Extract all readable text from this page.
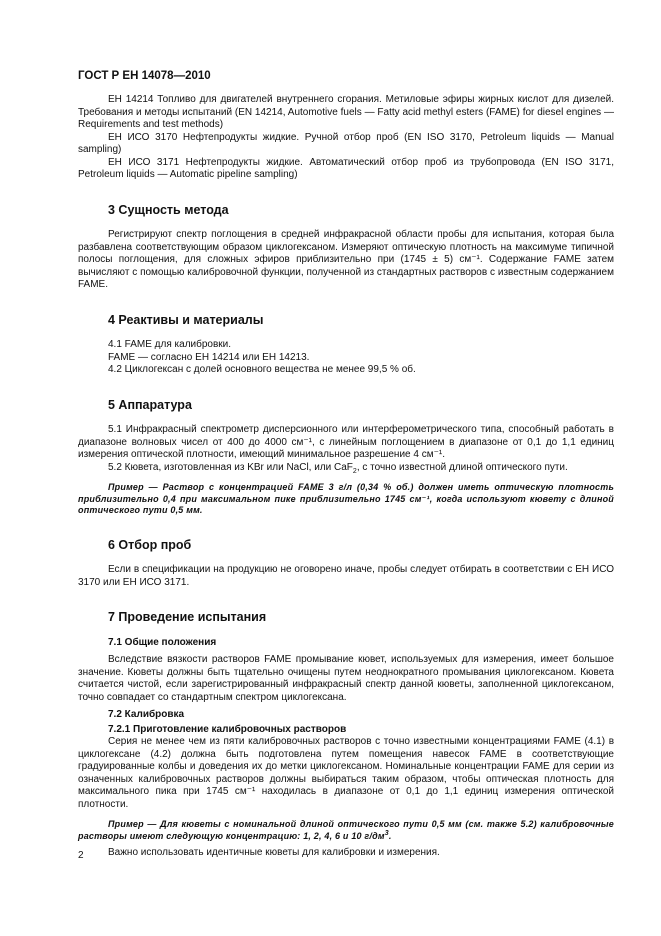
ГОСТ Р ЕН 14078—2010

ЕН 14214 Топливо для двигателей внутреннего сгорания. Метиловые эфиры жирных кислот для дизелей. Требования и методы испытаний (EN 14214, Automotive fuels — Fatty acid methyl esters (FAME) for diesel engines — Requirements and test methods)

ЕН ИСО 3170 Нефтепродукты жидкие. Ручной отбор проб (EN ISO 3170, Petroleum liquids — Manual sampling)

ЕН ИСО 3171 Нефтепродукты жидкие. Автоматический отбор проб из трубопровода (EN ISO 3171, Petroleum liquids — Automatic pipeline sampling)

3 Сущность метода

Регистрируют спектр поглощения в средней инфракрасной области пробы для испытания, которая была разбавлена соответствующим образом циклогексаном. Измеряют оптическую плотность на максимуме типичной полосы поглощения, для сложных эфиров приблизительно при (1745 ± 5) см⁻¹. Содержание FAME затем вычисляют с помощью калибровочной функции, полученной из стандартных растворов с известным содержанием FAME.

4 Реактивы и материалы

4.1 FAME для калибровки.

FAME — согласно ЕН 14214 или ЕН 14213.

4.2 Циклогексан с долей основного вещества не менее 99,5 % об.

5 Аппаратура

5.1 Инфракрасный спектрометр дисперсионного или интерферометрического типа, способный работать в диапазоне волновых чисел от 400 до 4000 см⁻¹, с линейным поглощением в диапазоне от 0,1 до 1,1 единиц измерения оптической плотности, имеющий минимальное разрешение 4 см⁻¹.

5.2 Кювета, изготовленная из KBr или NaCl, или CaF$_2$, с точно известной длиной оптического пути.

Пример — Раствор с концентрацией FAME 3 г/л (0,34 % об.) должен иметь оптическую плотность приблизительно 0,4 при максимальном пике приблизительно 1745 см⁻¹, когда используют кювету с длиной оптического пути 0,5 мм.

6 Отбор проб

Если в спецификации на продукцию не оговорено иначе, пробы следует отбирать в соответствии с ЕН ИСО 3170 или ЕН ИСО 3171.

7 Проведение испытания
7.1 Общие положения

Вследствие вязкости растворов FAME промывание кювет, используемых для измерения, имеет большое значение. Кюветы должны быть тщательно очищены путем неоднократного промывания циклогексаном. Кювета считается чистой, если зарегистрированный инфракрасный спектр данной кюветы, заполненной циклогексаном, точно совпадает со стандартным спектром циклогексана.

7.2 Калибровка
7.2.1 Приготовление калибровочных растворов

Серия не менее чем из пяти калибровочных растворов с точно известными концентрациями FAME (4.1) в циклогексане (4.2) должна быть подготовлена путем помещения навесок FAME в соответствующие градуированные колбы и доведения их до метки циклогексаном. Номинальные концентрации FAME для серии из означенных калибровочных растворов должны выбираться таким образом, чтобы оптическая плотность для максимального пика при 1745 см⁻¹ находилась в диапазоне от 0,1 до 1,1 единиц измерения оптической плотности.

Пример — Для кюветы с номинальной длиной оптического пути 0,5 мм (см. также 5.2) калибровочные растворы имеют следующую концентрацию: 1, 2, 4, 6 и 10 $г/дм^3$.

Важно использовать идентичные кюветы для калибровки и измерения.

2
